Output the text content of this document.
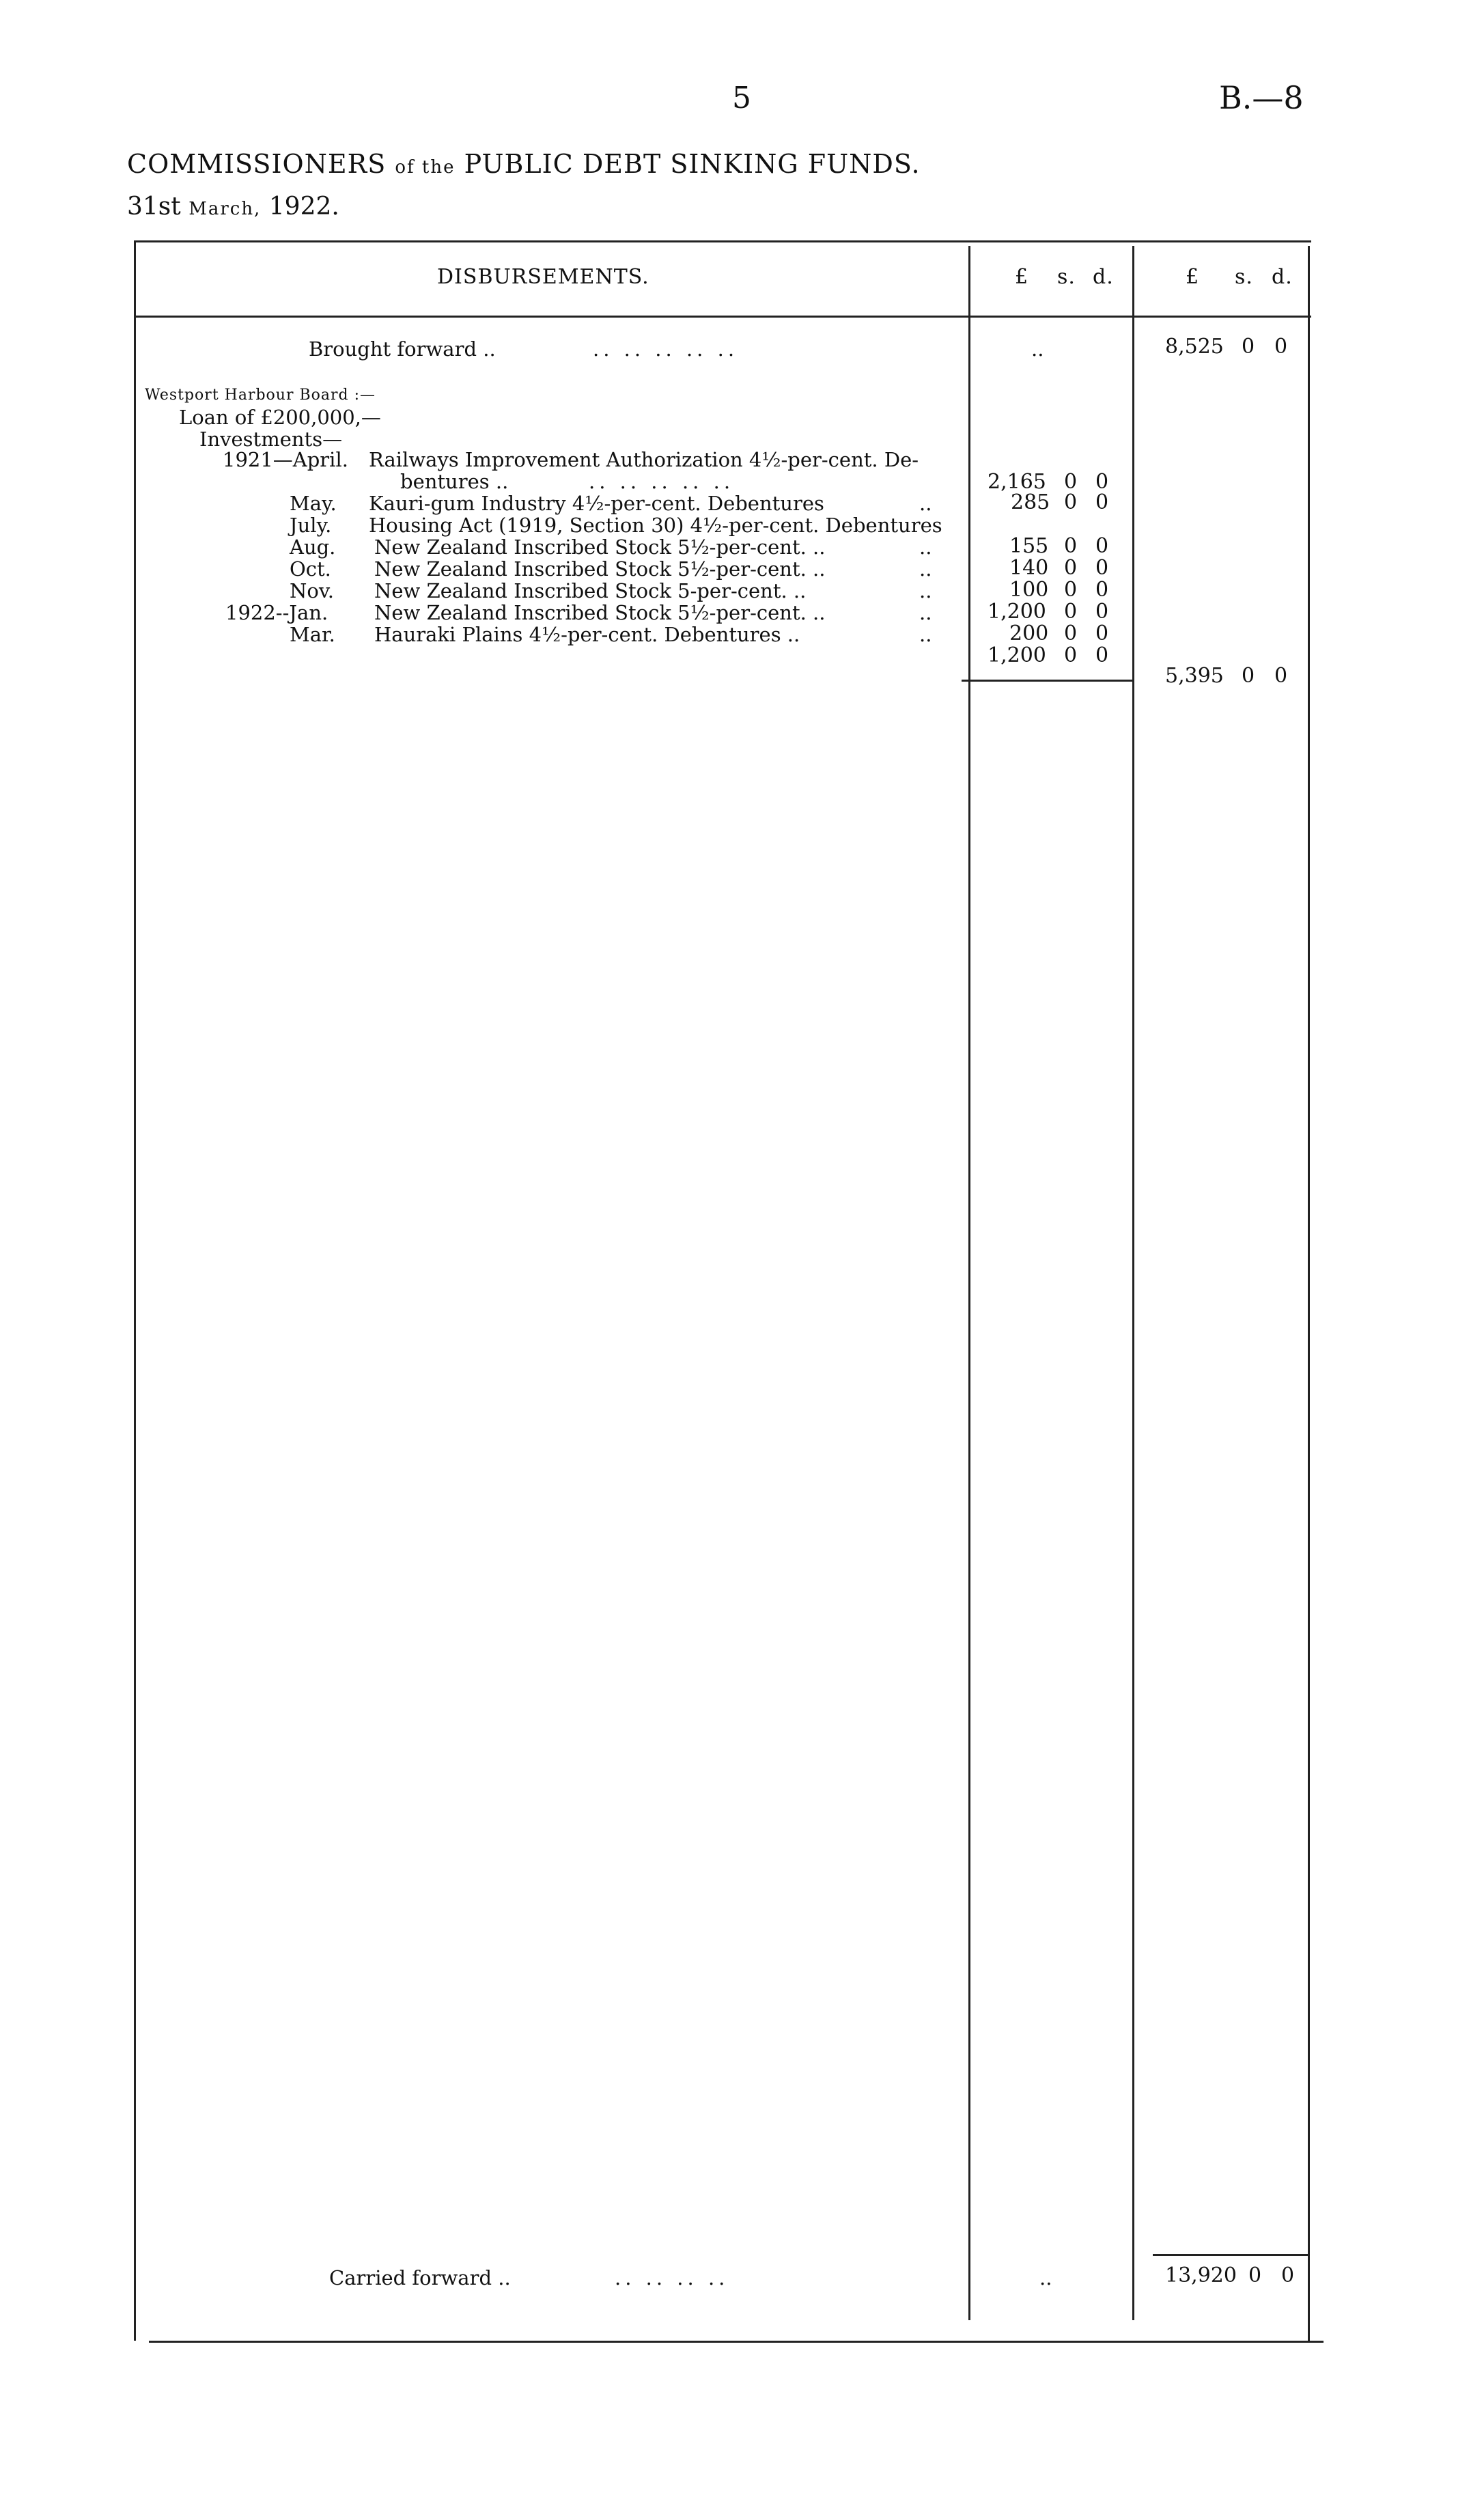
5	B.—8
COMMISSIONERS of the PUBLIC DEBT SINKING FUNDS.
31st March, 1922.
DISBURSEMENTS.	£ s. d.	£ s. d.
Brought forward ..	.. .. .. .. ..	..	8,525 0 0
Westport Harbour Board :—
Loan of £200,000,—
Investments—
1921—April. Railways Improvement Authorization 4½-per-cent. De-
bentures ..	.. .. .. .. ..	2,165 0 0
May. Kauri-gum Industry 4½-per-cent. Debentures	..	285 0 0
July. Housing Act (1919, Section 30) 4½-per-cent. Debentures
Aug. New Zealand Inscribed Stock 5½-per-cent. ..	..	155 0 0
Oct. New Zealand Inscribed Stock 5½-per-cent. ..	..	140 0 0
Nov. New Zealand Inscribed Stock 5-per-cent. ..	..	100 0 0
1922--Jan. New Zealand Inscribed Stock 5½-per-cent. ..	..	1,200 0 0
Mar. Hauraki Plains 4½-per-cent. Debentures ..	..	200 0 0
1,200 0 0
5,395 0 0
Carried forward ..	.. .. .. ..	..	13,920 0 0
